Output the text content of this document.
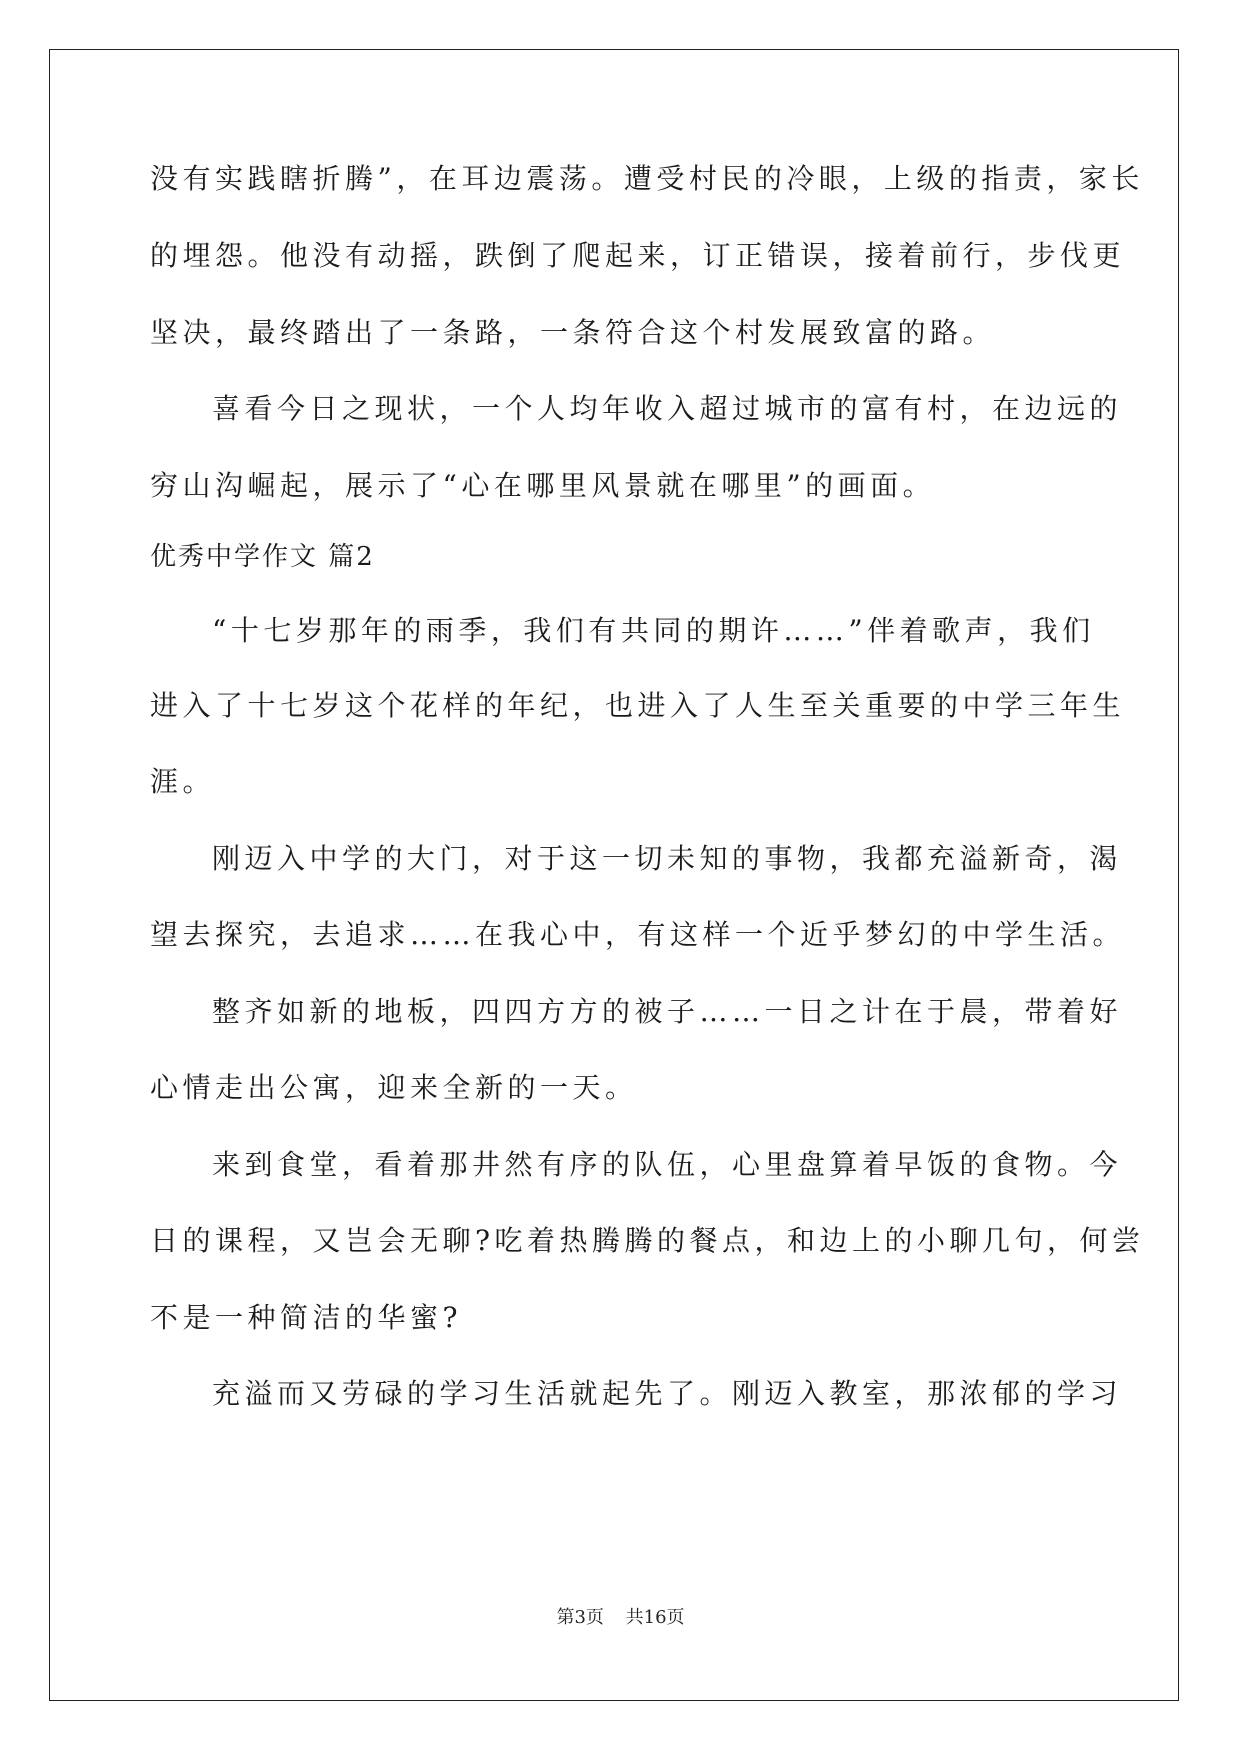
没有实践瞎折腾”，在耳边震荡。遭受村民的冷眼，上级的指责，家长
的埋怨。他没有动摇，跌倒了爬起来，订正错误，接着前行，步伐更
坚决，最终踏出了一条路，一条符合这个村发展致富的路。
喜看今日之现状，一个人均年收入超过城市的富有村，在边远的
穷山沟崛起，展示了“心在哪里风景就在哪里”的画面。
优秀中学作文 篇2
“十七岁那年的雨季，我们有共同的期许……”伴着歌声，我们
进入了十七岁这个花样的年纪，也进入了人生至关重要的中学三年生
涯。
刚迈入中学的大门，对于这一切未知的事物，我都充溢新奇，渴
望去探究，去追求……在我心中，有这样一个近乎梦幻的中学生活。
整齐如新的地板，四四方方的被子……一日之计在于晨，带着好
心情走出公寓，迎来全新的一天。
来到食堂，看着那井然有序的队伍，心里盘算着早饭的食物。今
日的课程，又岂会无聊?吃着热腾腾的餐点，和边上的小聊几句，何尝
不是一种简洁的华蜜?
充溢而又劳碌的学习生活就起先了。刚迈入教室，那浓郁的学习
第3页 共16页
